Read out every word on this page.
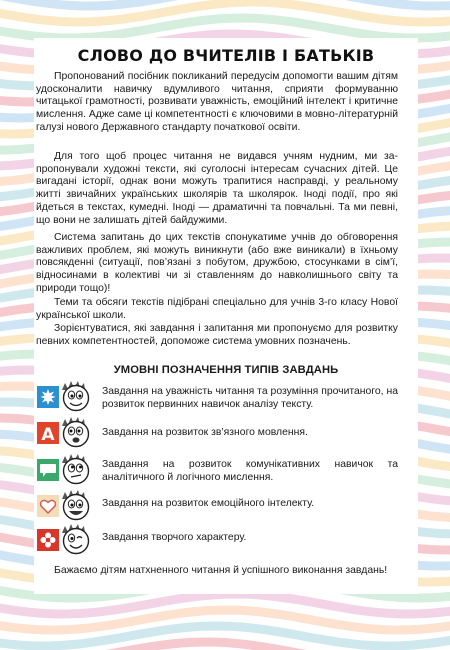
СЛОВО ДО ВЧИТЕЛІВ І БАТЬКІВ
Пропонований посібник покликаний передусім допомогти вашим дітям удосконалити навичку вдумливого читання, сприяти формуванню читацької грамотності, розвивати уважність, емоційний інтелект і критичне мислення. Адже саме ці компетентності є ключовими в мовно-літературній галузі нового Державного стандарту початкової освіти.
Для того щоб процес читання не видався учням нудним, ми запропонували художні тексти, які суголосні інтересам сучасних дітей. Це вигадані історії, однак вони можуть трапитися насправді, у реальному житті звичайних українських школярів та школярок. Іноді події, про які йдеться в текстах, кумедні. Іноді — драматичні та повчальні. Та ми певні, що вони не залишать дітей байдужими.
Система запитань до цих текстів спонукатиме учнів до обговорення важливих проблем, які можуть виникнути (або вже виникали) в їхньому повсякденні (ситуації, пов’язані з побутом, дружбою, стосунками в сім’ї, відносинами в колективі чи зі ставленням до навколишнього світу та природи тощо)!
Теми та обсяги текстів підібрані спеціально для учнів 3-го класу Нової української школи.
Зорієнтуватися, які завдання і запитання ми пропонуємо для розвитку певних компетентностей, допоможе система умовних позначень.
УМОВНІ ПОЗНАЧЕННЯ ТИПІВ ЗАВДАНЬ
Завдання на уважність читання та розуміння прочитаного, на розвиток первинних навичок аналізу тексту.
A	Завдання на розвиток зв’язного мовлення.
Завдання на розвиток комунікативних навичок та аналітичного й логічного мислення.
Завдання на розвиток емоційного інтелекту.
Завдання творчого характеру.
Бажаємо дітям натхненного читання й успішного виконання завдань!
